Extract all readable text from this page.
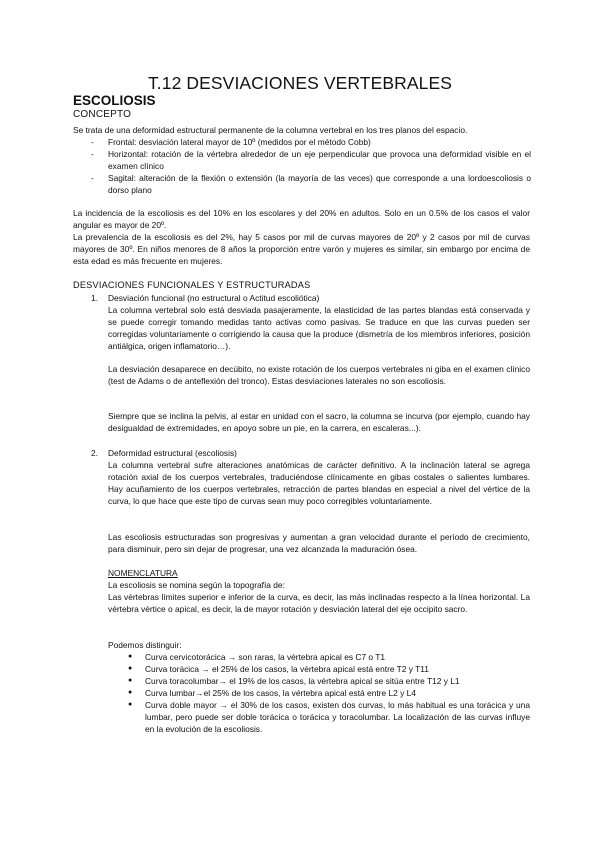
T.12 DESVIACIONES VERTEBRALES
ESCOLIOSIS
CONCEPTO

Se trata de una deformidad estructural permanente de la columna vertebral en los tres planos del espacio.

- Frontal: desviación lateral mayor de 10º (medidos por el método Cobb)
- Horizontal: rotación de la vértebra alrededor de un eje perpendicular que provoca una deformidad visible en el examen clínico
- Sagital: alteración de la flexión o extensión (la mayoría de las veces) que corresponde a una lordoescoliosis o dorso plano

La incidencia de la escoliosis es del 10% en los escolares y del 20% en adultos. Solo en un 0.5% de los casos el valor angular es mayor de 20º.

La prevalencia de la escoliosis es del 2%, hay 5 casos por mil de curvas mayores de 20º y 2 casos por mil de curvas mayores de 30º. En niños menores de 8 años la proporción entre varón y mujeres es similar, sin embargo por encima de esta edad es más frecuente en mujeres.

DESVIACIONES FUNCIONALES Y ESTRUCTURADAS
1. Desviación funcional (no estructural o Actitud escoliótica)

La columna vertebral solo está desviada pasajeramente, la elasticidad de las partes blandas está conservada y se puede corregir tomando medidas tanto activas como pasivas. Se traduce en que las curvas pueden ser corregidas voluntariamente o corrigiendo la causa que la produce (dismetría de los miembros inferiores, posición antiálgica, origen inflamatorio…).

La desviación desaparece en decúbito, no existe rotación de los cuerpos vertebrales ni giba en el examen clínico (test de Adams o de anteflexión del tronco). Estas desviaciones laterales no son escoliosis.

Siempre que se inclina la pelvis, al estar en unidad con el sacro, la columna se incurva (por ejemplo, cuando hay desigualdad de extremidades, en apoyo sobre un pie, en la carrera, en escaleras...).

2. Deformidad estructural (escoliosis)

La columna vertebral sufre alteraciones anatómicas de carácter definitivo. A la inclinación lateral se agrega rotación axial de los cuerpos vertebrales, traduciéndose clínicamente en gibas costales o salientes lumbares. Hay acuñamiento de los cuerpos vertebrales, retracción de partes blandas en especial a nivel del vértice de la curva, lo que hace que este tipo de curvas sean muy poco corregibles voluntariamente.

Las escoliosis estructuradas son progresivas y aumentan a gran velocidad durante el período de crecimiento, para disminuir, pero sin dejar de progresar, una vez alcanzada la maduración ósea.

NOMENCLATURA

La escoliosis se nomina según la topografía de:

Las vértebras límites superior e inferior de la curva, es decir, las más inclinadas respecto a la línea horizontal. La vértebra vértice o apical, es decir, la de mayor rotación y desviación lateral del eje occipito sacro.

Podemos distinguir:

● Curva cervicotorácica → son raras, la vértebra apical es C7 o T1
● Curva torácica → el 25% de los casos, la vértebra apical está entre T2 y T11
● Curva toracolumbar→ el 19% de los casos, la vértebra apical se sitúa entre T12 y L1
● Curva lumbar→el 25% de los casos, la vértebra apical está entre L2 y L4
● Curva doble mayor → el 30% de los casos, existen dos curvas, lo más habitual es una torácica y una lumbar, pero puede ser doble torácica o torácica y toracolumbar. La localización de las curvas influye en la evolución de la escoliosis.
